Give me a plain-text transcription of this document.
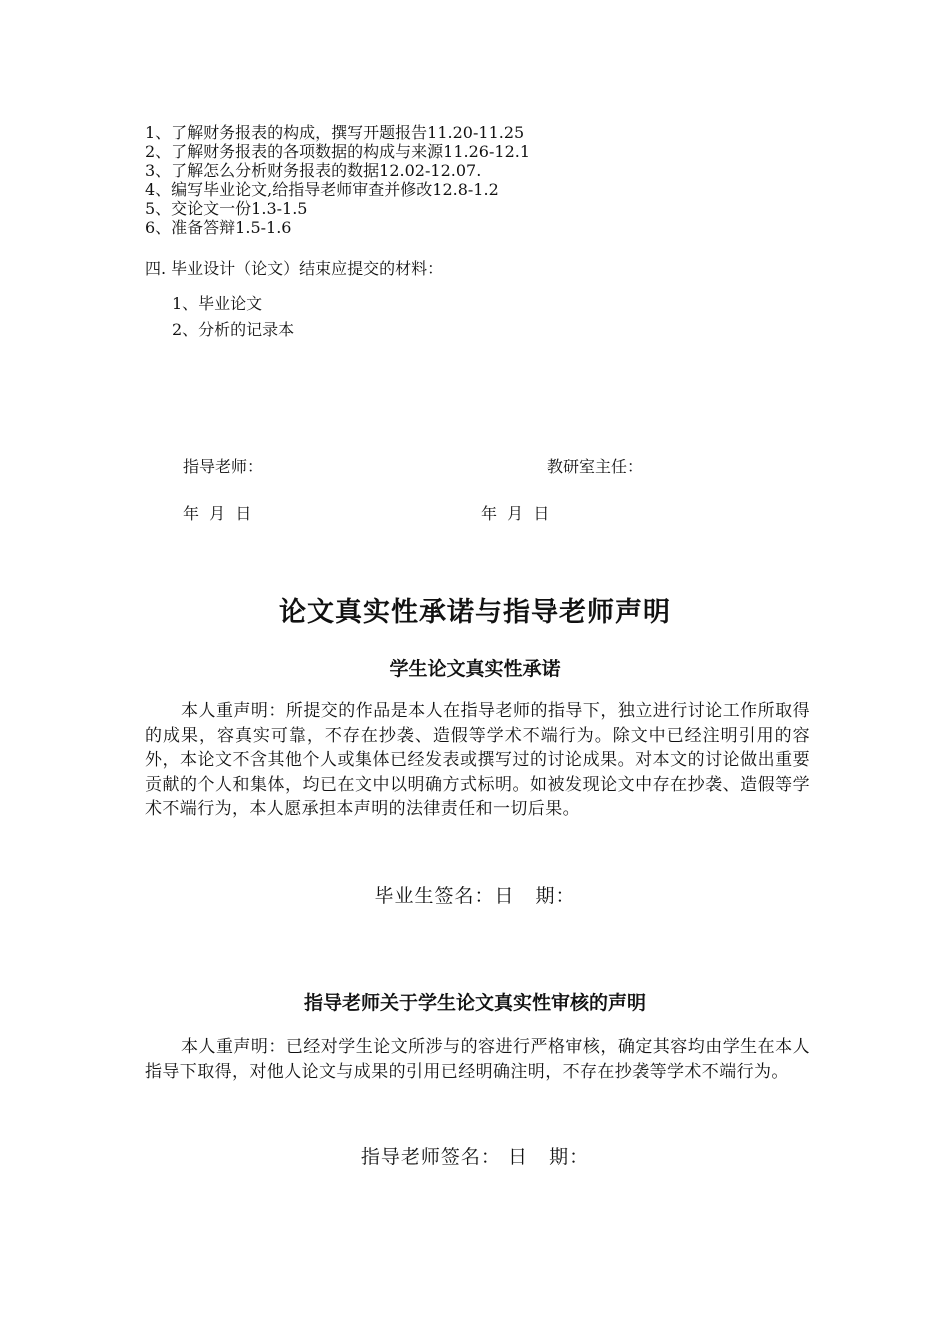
1、了解财务报表的构成，撰写开题报告11.20-11.25
2、了解财务报表的各项数据的构成与来源11.26-12.1
3、了解怎么分析财务报表的数据12.02-12.07.
4、编写毕业论文,给指导老师审查并修改12.8-1.2
5、交论文一份1.3-1.5
6、准备答辩1.5-1.6
四. 毕业设计（论文）结束应提交的材料：
1、毕业论文
2、分析的记录本
指导老师：	教研室主任：
年  月  日	年  月  日
论文真实性承诺与指导老师声明
学生论文真实性承诺
本人重声明：所提交的作品是本人在指导老师的指导下，独立进行讨论工作所取得的成果，容真实可靠，不存在抄袭、造假等学术不端行为。除文中已经注明引用的容外，本论文不含其他个人或集体已经发表或撰写过的讨论成果。对本文的讨论做出重要贡献的个人和集体，均已在文中以明确方式标明。如被发现论文中存在抄袭、造假等学术不端行为，本人愿承担本声明的法律责任和一切后果。
毕业生签名：日   期：
指导老师关于学生论文真实性审核的声明
本人重声明：已经对学生论文所涉与的容进行严格审核，确定其容均由学生在本人指导下取得，对他人论文与成果的引用已经明确注明，不存在抄袭等学术不端行为。
指导老师签名： 日   期：
